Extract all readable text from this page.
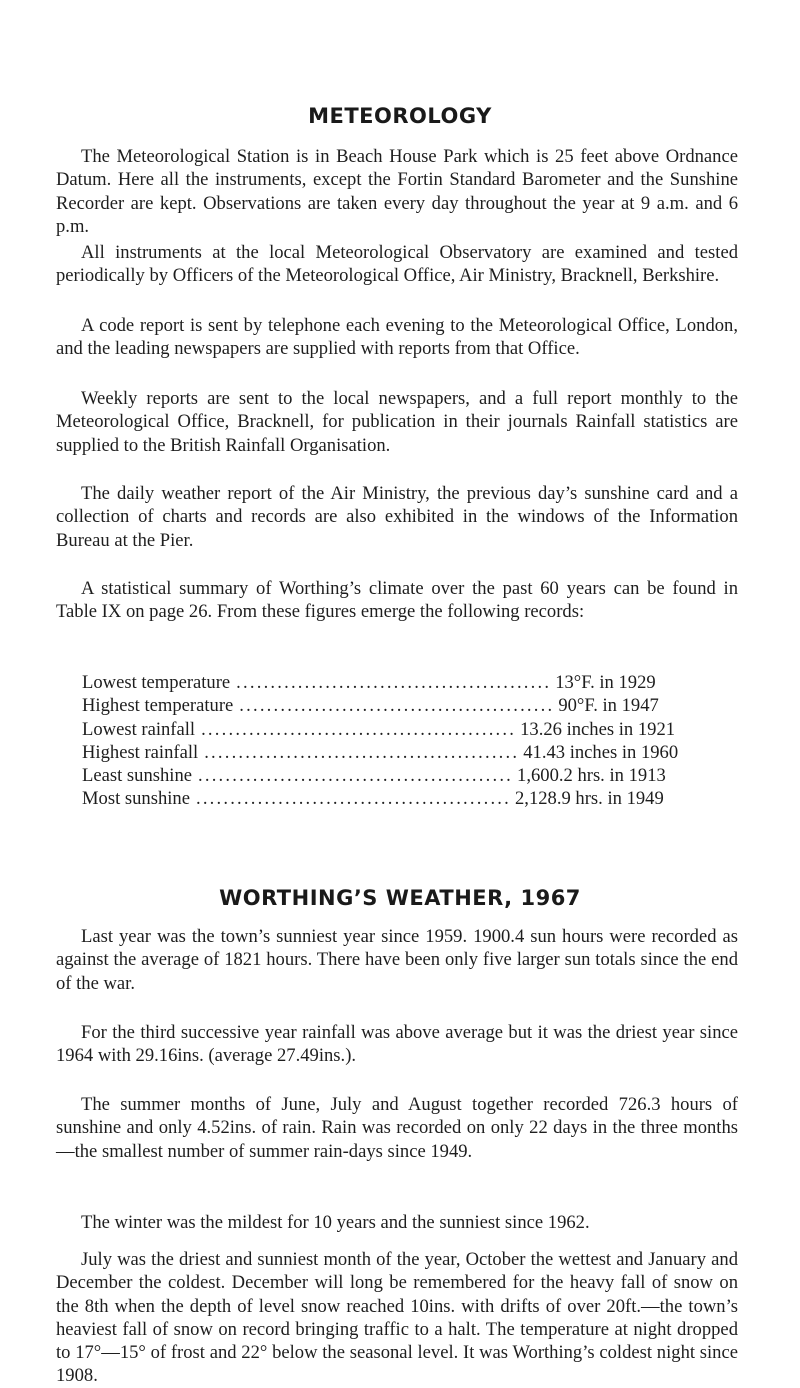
METEOROLOGY

The Meteorological Station is in Beach House Park which is 25 feet above Ordnance Datum. Here all the instruments, except the Fortin Standard Barometer and the Sunshine Recorder are kept. Observations are taken every day throughout the year at 9 a.m. and 6 p.m.

All instruments at the local Meteorological Observatory are examined and tested periodically by Officers of the Meteorological Office, Air Ministry, Bracknell, Berkshire.

A code report is sent by telephone each evening to the Meteorological Office, London, and the leading newspapers are supplied with reports from that Office.

Weekly reports are sent to the local newspapers, and a full report monthly to the Meteorological Office, Bracknell, for publication in their journals Rainfall statistics are supplied to the British Rainfall Organisation.

The daily weather report of the Air Ministry, the previous day’s sunshine card and a collection of charts and records are also exhibited in the windows of the Information Bureau at the Pier.

A statistical summary of Worthing’s climate over the past 60 years can be found in Table IX on page 26. From these figures emerge the following records:

Lowest temperature .............................................. 13°F. in 1929
Highest temperature .............................................. 90°F. in 1947
Lowest rainfall .............................................. 13.26 inches in 1921
Highest rainfall .............................................. 41.43 inches in 1960
Least sunshine .............................................. 1,600.2 hrs. in 1913
Most sunshine .............................................. 2,128.9 hrs. in 1949
WORTHING’S WEATHER, 1967

Last year was the town’s sunniest year since 1959. 1900.4 sun hours were recorded as against the average of 1821 hours. There have been only five larger sun totals since the end of the war.

For the third successive year rainfall was above average but it was the driest year since 1964 with 29.16ins. (average 27.49ins.).

The summer months of June, July and August together recorded 726.3 hours of sunshine and only 4.52ins. of rain. Rain was recorded on only 22 days in the three months—the smallest number of summer rain-days since 1949.

The winter was the mildest for 10 years and the sunniest since 1962.

July was the driest and sunniest month of the year, October the wettest and January and December the coldest. December will long be remembered for the heavy fall of snow on the 8th when the depth of level snow reached 10ins. with drifts of over 20ft.—the town’s heaviest fall of snow on record bringing traffic to a halt. The temperature at night dropped to 17°—15° of frost and 22° below the seasonal level. It was Worthing’s coldest night since 1908.
